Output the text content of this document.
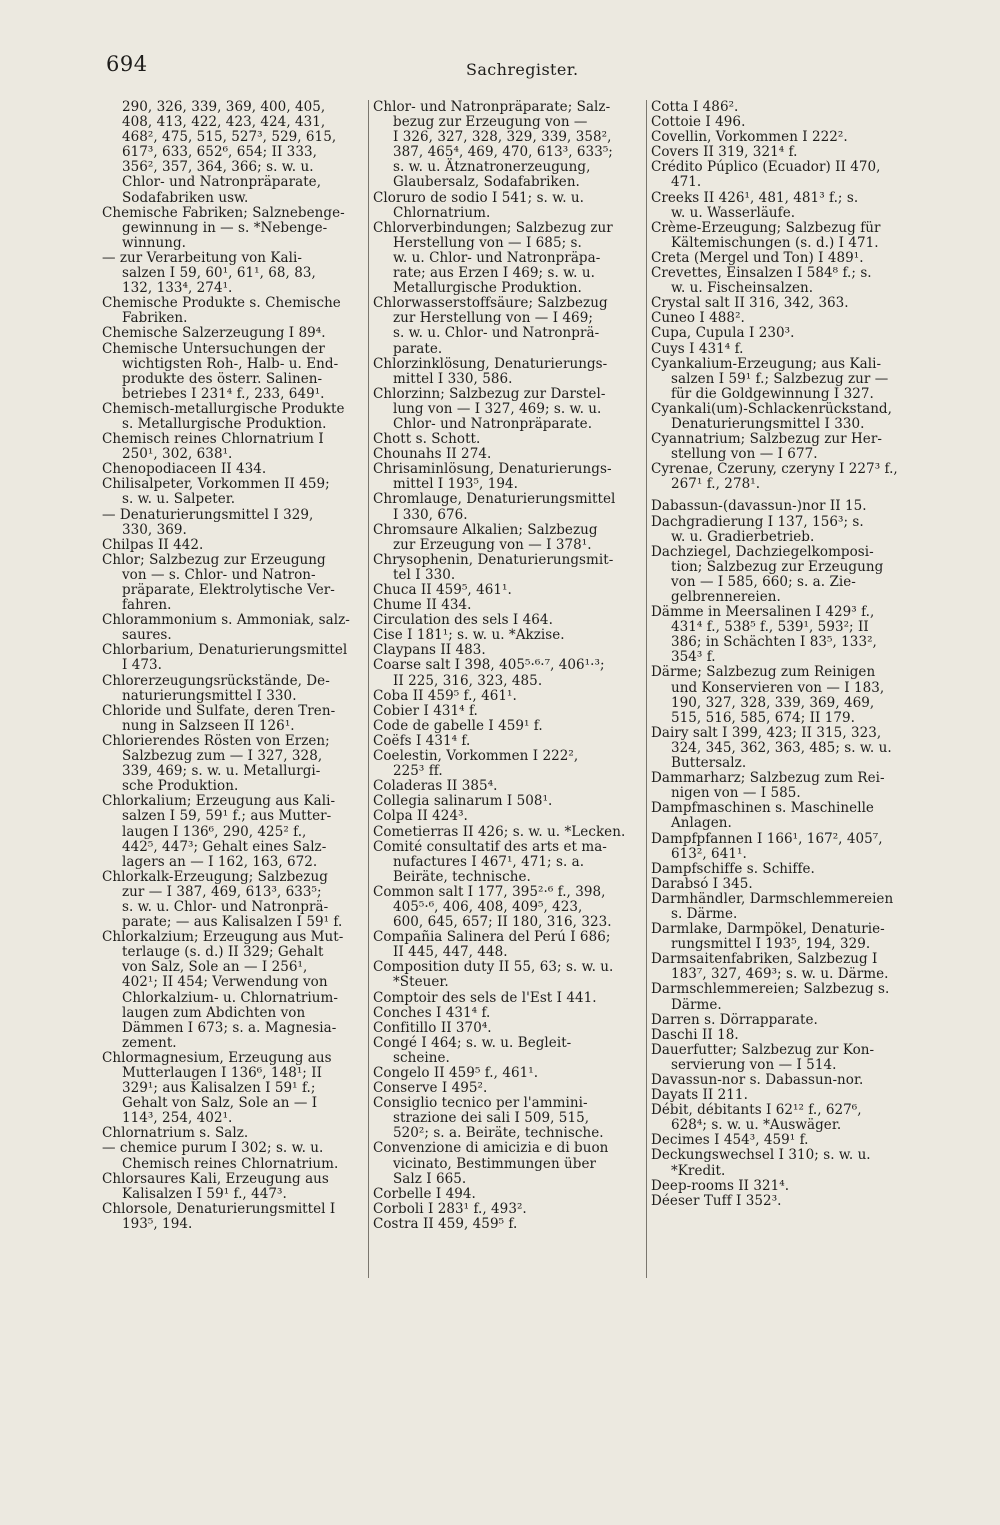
694	Sachregister.

290, 326, 339, 369, 400, 405,
408, 413, 422, 423, 424, 431,
468², 475, 515, 527³, 529, 615,
617³, 633, 652⁶, 654; II 333,
356², 357, 364, 366; s. w. u.
Chlor- und Natronpräparate,
Sodafabriken usw.

Chemische Fabriken; Salznebenge-
gewinnung in — s. *Nebenge-
winnung.

— zur Verarbeitung von Kali-
salzen I 59, 60¹, 61¹, 68, 83,
132, 133⁴, 274¹.

Chemische Produkte s. Chemische
Fabriken.

Chemische Salzerzeugung I 89⁴.

Chemische Untersuchungen der
wichtigsten Roh-, Halb- u. End-
produkte des österr. Salinen-
betriebes I 231⁴ f., 233, 649¹.

Chemisch-metallurgische Produkte
s. Metallurgische Produktion.

Chemisch reines Chlornatrium I
250¹, 302, 638¹.

Chenopodiaceen II 434.

Chilisalpeter, Vorkommen II 459;
s. w. u. Salpeter.

— Denaturierungsmittel I 329,
330, 369.

Chilpas II 442.

Chlor; Salzbezug zur Erzeugung
von — s. Chlor- und Natron-
präparate, Elektrolytische Ver-
fahren.

Chlorammonium s. Ammoniak, salz-
saures.

Chlorbarium, Denaturierungsmittel
I 473.

Chlorerzeugungsrückstände, De-
naturierungsmittel I 330.

Chloride und Sulfate, deren Tren-
nung in Salzseen II 126¹.

Chlorierendes Rösten von Erzen;
Salzbezug zum — I 327, 328,
339, 469; s. w. u. Metallurgi-
sche Produktion.

Chlorkalium; Erzeugung aus Kali-
salzen I 59, 59¹ f.; aus Mutter-
laugen I 136⁶, 290, 425² f.,
442⁵, 447³; Gehalt eines Salz-
lagers an — I 162, 163, 672.

Chlorkalk-Erzeugung; Salzbezug
zur — I 387, 469, 613³, 633⁵;
s. w. u. Chlor- und Natronprä-
parate; — aus Kalisalzen I 59¹ f.

Chlorkalzium; Erzeugung aus Mut-
terlauge (s. d.) II 329; Gehalt
von Salz, Sole an — I 256¹,
402¹; II 454; Verwendung von
Chlorkalzium- u. Chlornatrium-
laugen zum Abdichten von
Dämmen I 673; s. a. Magnesia-
zement.

Chlormagnesium, Erzeugung aus
Mutterlaugen I 136⁶, 148¹; II
329¹; aus Kalisalzen I 59¹ f.;
Gehalt von Salz, Sole an — I
114³, 254, 402¹.

Chlornatrium s. Salz.

— chemice purum I 302; s. w. u.
Chemisch reines Chlornatrium.

Chlorsaures Kali, Erzeugung aus
Kalisalzen I 59¹ f., 447³.

Chlorsole, Denaturierungsmittel I
193⁵, 194.

Chlor- und Natronpräparate; Salz-
bezug zur Erzeugung von —
I 326, 327, 328, 329, 339, 358²,
387, 465⁴, 469, 470, 613³, 633⁵;
s. w. u. Ätznatronerzeugung,
Glaubersalz, Sodafabriken.

Cloruro de sodio I 541; s. w. u.
Chlornatrium.

Chlorverbindungen; Salzbezug zur
Herstellung von — I 685; s.
w. u. Chlor- und Natronpräpa-
rate; aus Erzen I 469; s. w. u.
Metallurgische Produktion.

Chlorwasserstoffsäure; Salzbezug
zur Herstellung von — I 469;
s. w. u. Chlor- und Natronprä-
parate.

Chlorzinklösung, Denaturierungs-
mittel I 330, 586.

Chlorzinn; Salzbezug zur Darstel-
lung von — I 327, 469; s. w. u.
Chlor- und Natronpräparate.

Chott s. Schott.

Chounahs II 274.

Chrisaminlösung, Denaturierungs-
mittel I 193⁵, 194.

Chromlauge, Denaturierungsmittel
I 330, 676.

Chromsaure Alkalien; Salzbezug
zur Erzeugung von — I 378¹.

Chrysophenin, Denaturierungsmit-
tel I 330.

Chuca II 459⁵, 461¹.

Chume II 434.

Circulation des sels I 464.

Cise I 181¹; s. w. u. *Akzise.

Claypans II 483.

Coarse salt I 398, 405⁵·⁶·⁷, 406¹·³;
II 225, 316, 323, 485.

Coba II 459⁵ f., 461¹.

Cobier I 431⁴ f.

Code de gabelle I 459¹ f.

Coëfs I 431⁴ f.

Coelestin, Vorkommen I 222²,
225³ ff.

Coladeras II 385⁴.

Collegia salinarum I 508¹.

Colpa II 424³.

Cometierras II 426; s. w. u. *Lecken.

Comité consultatif des arts et ma-
nufactures I 467¹, 471; s. a.
Beiräte, technische.

Common salt I 177, 395²·⁶ f., 398,
405⁵·⁶, 406, 408, 409⁵, 423,
600, 645, 657; II 180, 316, 323.

Compañia Salinera del Perú I 686;
II 445, 447, 448.

Composition duty II 55, 63; s. w. u.
*Steuer.

Comptoir des sels de l'Est I 441.

Conches I 431⁴ f.

Confitillo II 370⁴.

Congé I 464; s. w. u. Begleit-
scheine.

Congelo II 459⁵ f., 461¹.

Conserve I 495².

Consiglio tecnico per l'ammini-
strazione dei sali I 509, 515,
520²; s. a. Beiräte, technische.

Convenzione di amicizia e di buon
vicinato, Bestimmungen über
Salz I 665.

Corbelle I 494.

Corboli I 283¹ f., 493².

Costra II 459, 459⁵ f.

Cotta I 486².

Cottoie I 496.

Covellin, Vorkommen I 222².

Covers II 319, 321⁴ f.

Crédito Púplico (Ecuador) II 470,
471.

Creeks II 426¹, 481, 481³ f.; s.
w. u. Wasserläufe.

Crème-Erzeugung; Salzbezug für
Kältemischungen (s. d.) I 471.

Creta (Mergel und Ton) I 489¹.

Crevettes, Einsalzen I 584⁸ f.; s.
w. u. Fischeinsalzen.

Crystal salt II 316, 342, 363.

Cuneo I 488².

Cupa, Cupula I 230³.

Cuys I 431⁴ f.

Cyankalium-Erzeugung; aus Kali-
salzen I 59¹ f.; Salzbezug zur —
für die Goldgewinnung I 327.

Cyankali(um)-Schlackenrückstand,
Denaturierungsmittel I 330.

Cyannatrium; Salzbezug zur Her-
stellung von — I 677.

Cyrenae, Czeruny, czeryny I 227³ f.,
267¹ f., 278¹.

Dabassun-(davassun-)nor II 15.

Dachgradierung I 137, 156³; s.
w. u. Gradierbetrieb.

Dachziegel, Dachziegelkomposi-
tion; Salzbezug zur Erzeugung
von — I 585, 660; s. a. Zie-
gelbrennereien.

Dämme in Meersalinen I 429³ f.,
431⁴ f., 538⁵ f., 539¹, 593²; II
386; in Schächten I 83⁵, 133²,
354³ f.

Därme; Salzbezug zum Reinigen
und Konservieren von — I 183,
190, 327, 328, 339, 369, 469,
515, 516, 585, 674; II 179.

Dairy salt I 399, 423; II 315, 323,
324, 345, 362, 363, 485; s. w. u.
Buttersalz.

Dammarharz; Salzbezug zum Rei-
nigen von — I 585.

Dampfmaschinen s. Maschinelle
Anlagen.

Dampfpfannen I 166¹, 167², 405⁷,
613², 641¹.

Dampfschiffe s. Schiffe.

Darabsó I 345.

Darmhändler, Darmschlemmereien
s. Därme.

Darmlake, Darmpökel, Denaturie-
rungsmittel I 193⁵, 194, 329.

Darmsaitenfabriken, Salzbezug I
183⁷, 327, 469³; s. w. u. Därme.

Darmschlemmereien; Salzbezug s.
Därme.

Darren s. Dörrapparate.

Daschi II 18.

Dauerfutter; Salzbezug zur Kon-
servierung von — I 514.

Davassun-nor s. Dabassun-nor.

Dayats II 211.

Débit, débitants I 62¹² f., 627⁶,
628⁴; s. w. u. *Auswäger.

Decimes I 454³, 459¹ f.

Deckungswechsel I 310; s. w. u.
*Kredit.

Deep-rooms II 321⁴.

Déeser Tuff I 352³.
